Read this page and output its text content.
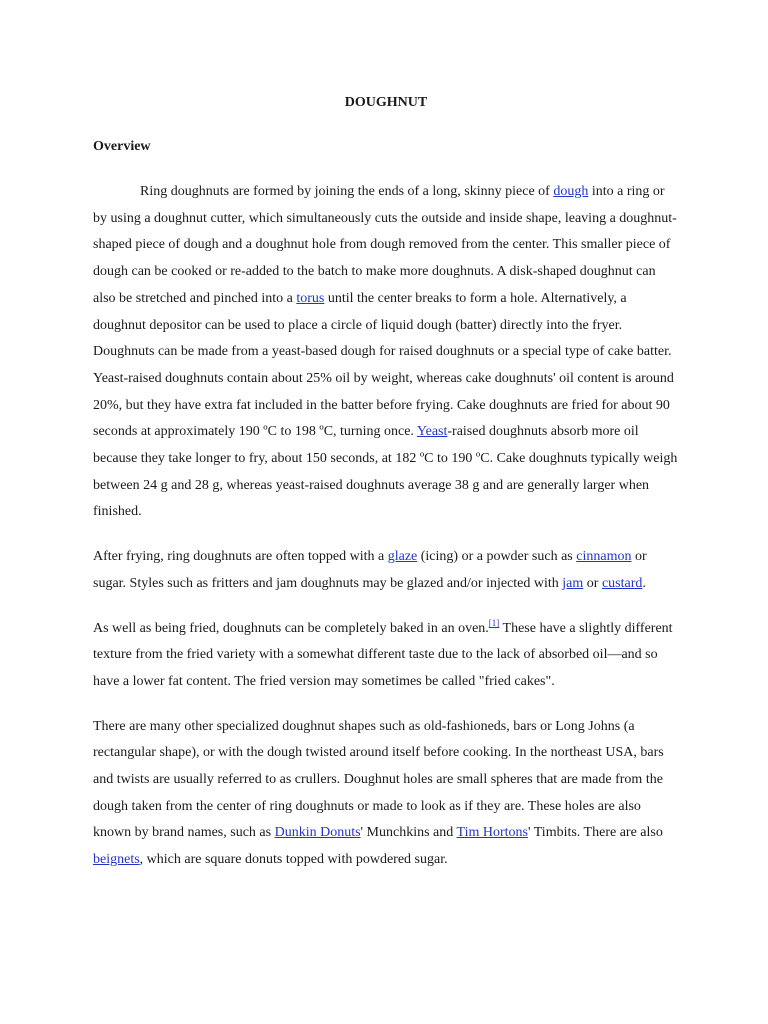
DOUGHNUT
Overview

Ring doughnuts are formed by joining the ends of a long, skinny piece of dough into a ring or by using a doughnut cutter, which simultaneously cuts the outside and inside shape, leaving a doughnut-shaped piece of dough and a doughnut hole from dough removed from the center. This smaller piece of dough can be cooked or re-added to the batch to make more doughnuts. A disk-shaped doughnut can also be stretched and pinched into a torus until the center breaks to form a hole. Alternatively, a doughnut depositor can be used to place a circle of liquid dough (batter) directly into the fryer. Doughnuts can be made from a yeast-based dough for raised doughnuts or a special type of cake batter. Yeast-raised doughnuts contain about 25% oil by weight, whereas cake doughnuts' oil content is around 20%, but they have extra fat included in the batter before frying. Cake doughnuts are fried for about 90 seconds at approximately 190 ºC to 198 ºC, turning once. Yeast-raised doughnuts absorb more oil because they take longer to fry, about 150 seconds, at 182 ºC to 190 ºC. Cake doughnuts typically weigh between 24 g and 28 g, whereas yeast-raised doughnuts average 38 g and are generally larger when finished.

After frying, ring doughnuts are often topped with a glaze (icing) or a powder such as cinnamon or sugar. Styles such as fritters and jam doughnuts may be glazed and/or injected with jam or custard.

As well as being fried, doughnuts can be completely baked in an oven.[1] These have a slightly different texture from the fried variety with a somewhat different taste due to the lack of absorbed oil—and so have a lower fat content. The fried version may sometimes be called "fried cakes".

There are many other specialized doughnut shapes such as old-fashioneds, bars or Long Johns (a rectangular shape), or with the dough twisted around itself before cooking. In the northeast USA, bars and twists are usually referred to as crullers. Doughnut holes are small spheres that are made from the dough taken from the center of ring doughnuts or made to look as if they are. These holes are also known by brand names, such as Dunkin Donuts' Munchkins and Tim Hortons' Timbits. There are also beignets, which are square donuts topped with powdered sugar.
